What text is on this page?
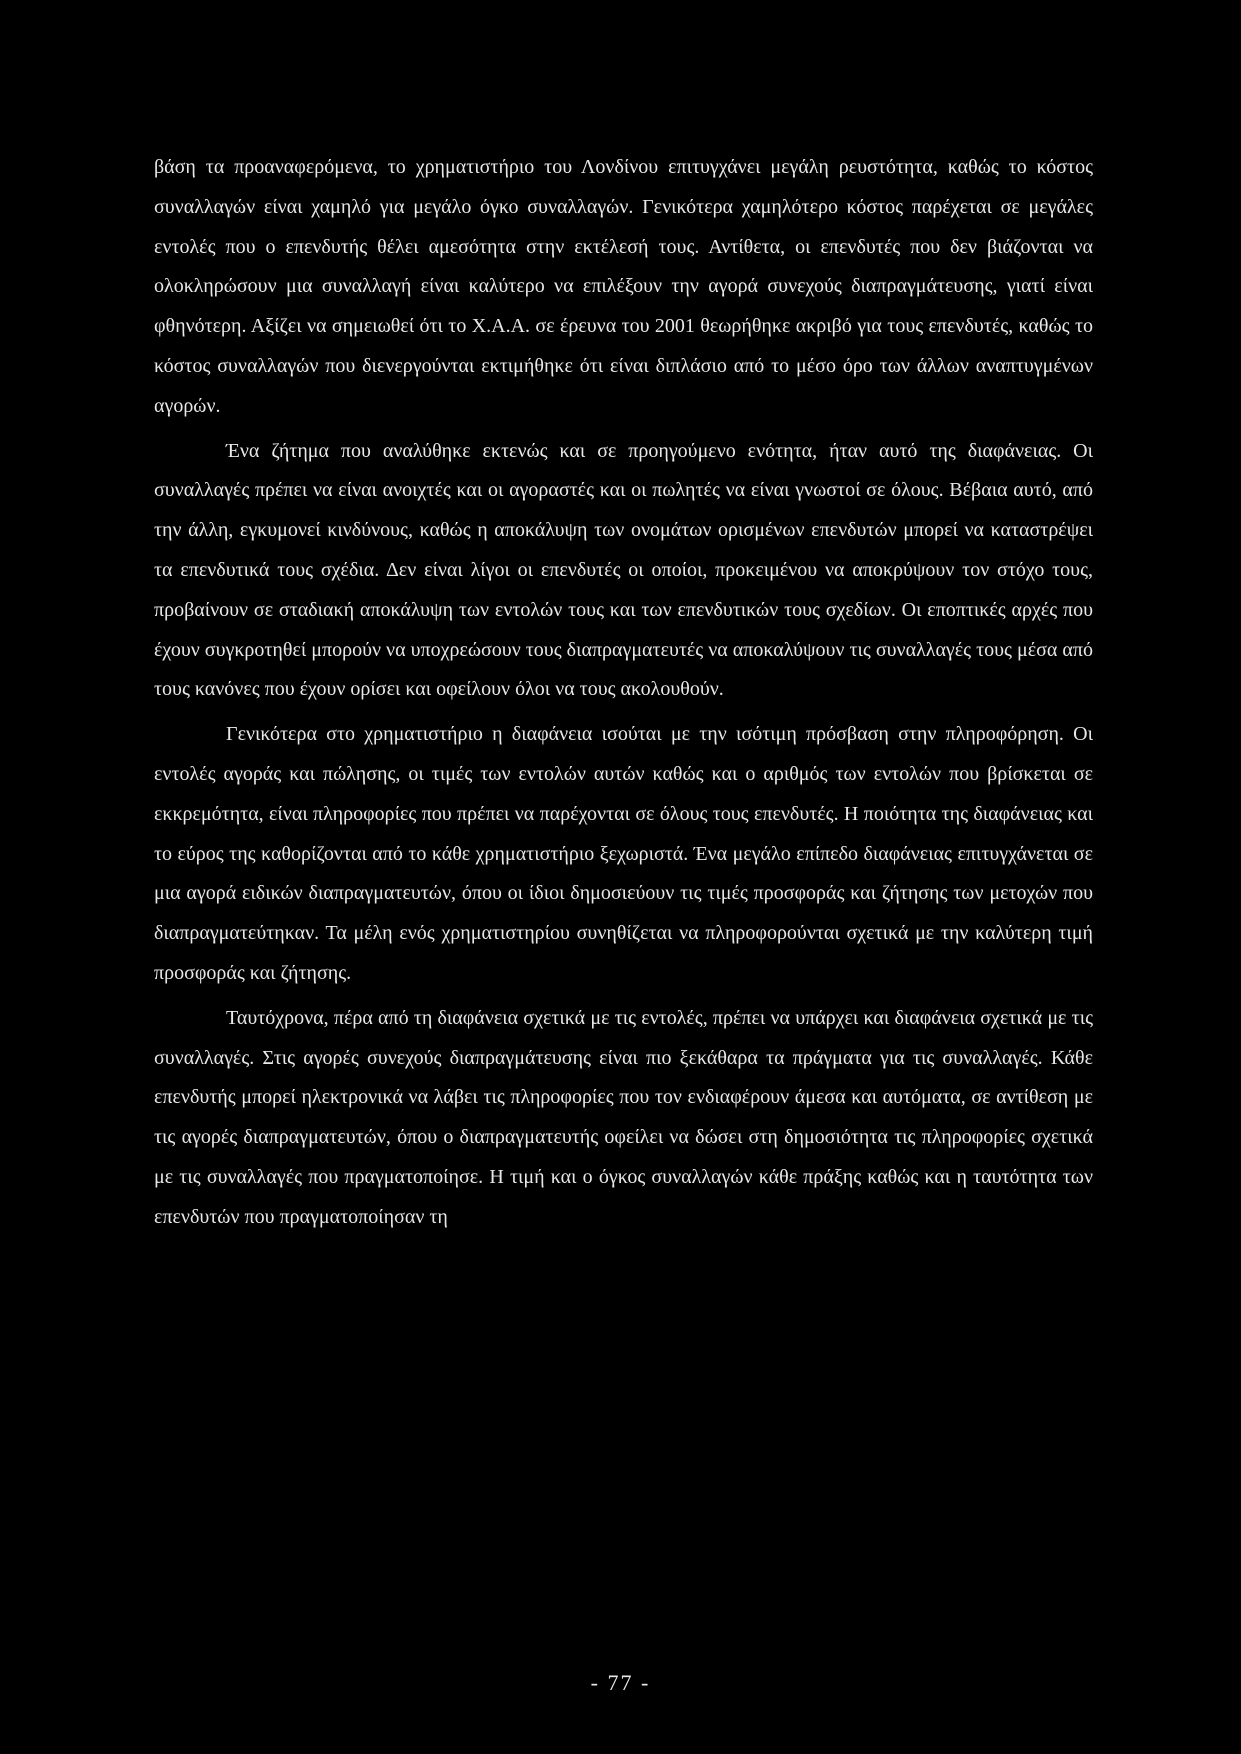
βάση τα προαναφερόμενα, το χρηματιστήριο του Λονδίνου επιτυγχάνει μεγάλη ρευστότητα, καθώς το κόστος συναλλαγών είναι χαμηλό για μεγάλο όγκο συναλλαγών. Γενικότερα χαμηλότερο κόστος παρέχεται σε μεγάλες εντολές που ο επενδυτής θέλει αμεσότητα στην εκτέλεσή τους. Αντίθετα, οι επενδυτές που δεν βιάζονται να ολοκληρώσουν μια συναλλαγή είναι καλύτερο να επιλέξουν την αγορά συνεχούς διαπραγμάτευσης, γιατί είναι φθηνότερη. Αξίζει να σημειωθεί ότι το Χ.Α.Α. σε έρευνα του 2001 θεωρήθηκε ακριβό για τους επενδυτές, καθώς το κόστος συναλλαγών που διενεργούνται εκτιμήθηκε ότι είναι διπλάσιο από το μέσο όρο των άλλων αναπτυγμένων αγορών.

Ένα ζήτημα που αναλύθηκε εκτενώς και σε προηγούμενο ενότητα, ήταν αυτό της διαφάνειας. Οι συναλλαγές πρέπει να είναι ανοιχτές και οι αγοραστές και οι πωλητές να είναι γνωστοί σε όλους. Βέβαια αυτό, από την άλλη, εγκυμονεί κινδύνους, καθώς η αποκάλυψη των ονομάτων ορισμένων επενδυτών μπορεί να καταστρέψει τα επενδυτικά τους σχέδια. Δεν είναι λίγοι οι επενδυτές οι οποίοι, προκειμένου να αποκρύψουν τον στόχο τους, προβαίνουν σε σταδιακή αποκάλυψη των εντολών τους και των επενδυτικών τους σχεδίων. Οι εποπτικές αρχές που έχουν συγκροτηθεί μπορούν να υποχρεώσουν τους διαπραγματευτές να αποκαλύψουν τις συναλλαγές τους μέσα από τους κανόνες που έχουν ορίσει και οφείλουν όλοι να τους ακολουθούν.

Γενικότερα στο χρηματιστήριο η διαφάνεια ισούται με την ισότιμη πρόσβαση στην πληροφόρηση. Οι εντολές αγοράς και πώλησης, οι τιμές των εντολών αυτών καθώς και ο αριθμός των εντολών που βρίσκεται σε εκκρεμότητα, είναι πληροφορίες που πρέπει να παρέχονται σε όλους τους επενδυτές. Η ποιότητα της διαφάνειας και το εύρος της καθορίζονται από το κάθε χρηματιστήριο ξεχωριστά. Ένα μεγάλο επίπεδο διαφάνειας επιτυγχάνεται σε μια αγορά ειδικών διαπραγματευτών, όπου οι ίδιοι δημοσιεύουν τις τιμές προσφοράς και ζήτησης των μετοχών που διαπραγματεύτηκαν. Τα μέλη ενός χρηματιστηρίου συνηθίζεται να πληροφορούνται σχετικά με την καλύτερη τιμή προσφοράς και ζήτησης.

Ταυτόχρονα, πέρα από τη διαφάνεια σχετικά με τις εντολές, πρέπει να υπάρχει και διαφάνεια σχετικά με τις συναλλαγές. Στις αγορές συνεχούς διαπραγμάτευσης είναι πιο ξεκάθαρα τα πράγματα για τις συναλλαγές. Κάθε επενδυτής μπορεί ηλεκτρονικά να λάβει τις πληροφορίες που τον ενδιαφέρουν άμεσα και αυτόματα, σε αντίθεση με τις αγορές διαπραγματευτών, όπου ο διαπραγματευτής οφείλει να δώσει στη δημοσιότητα τις πληροφορίες σχετικά με τις συναλλαγές που πραγματοποίησε. Η τιμή και ο όγκος συναλλαγών κάθε πράξης καθώς και η ταυτότητα των επενδυτών που πραγματοποίησαν τη

- 77 -
